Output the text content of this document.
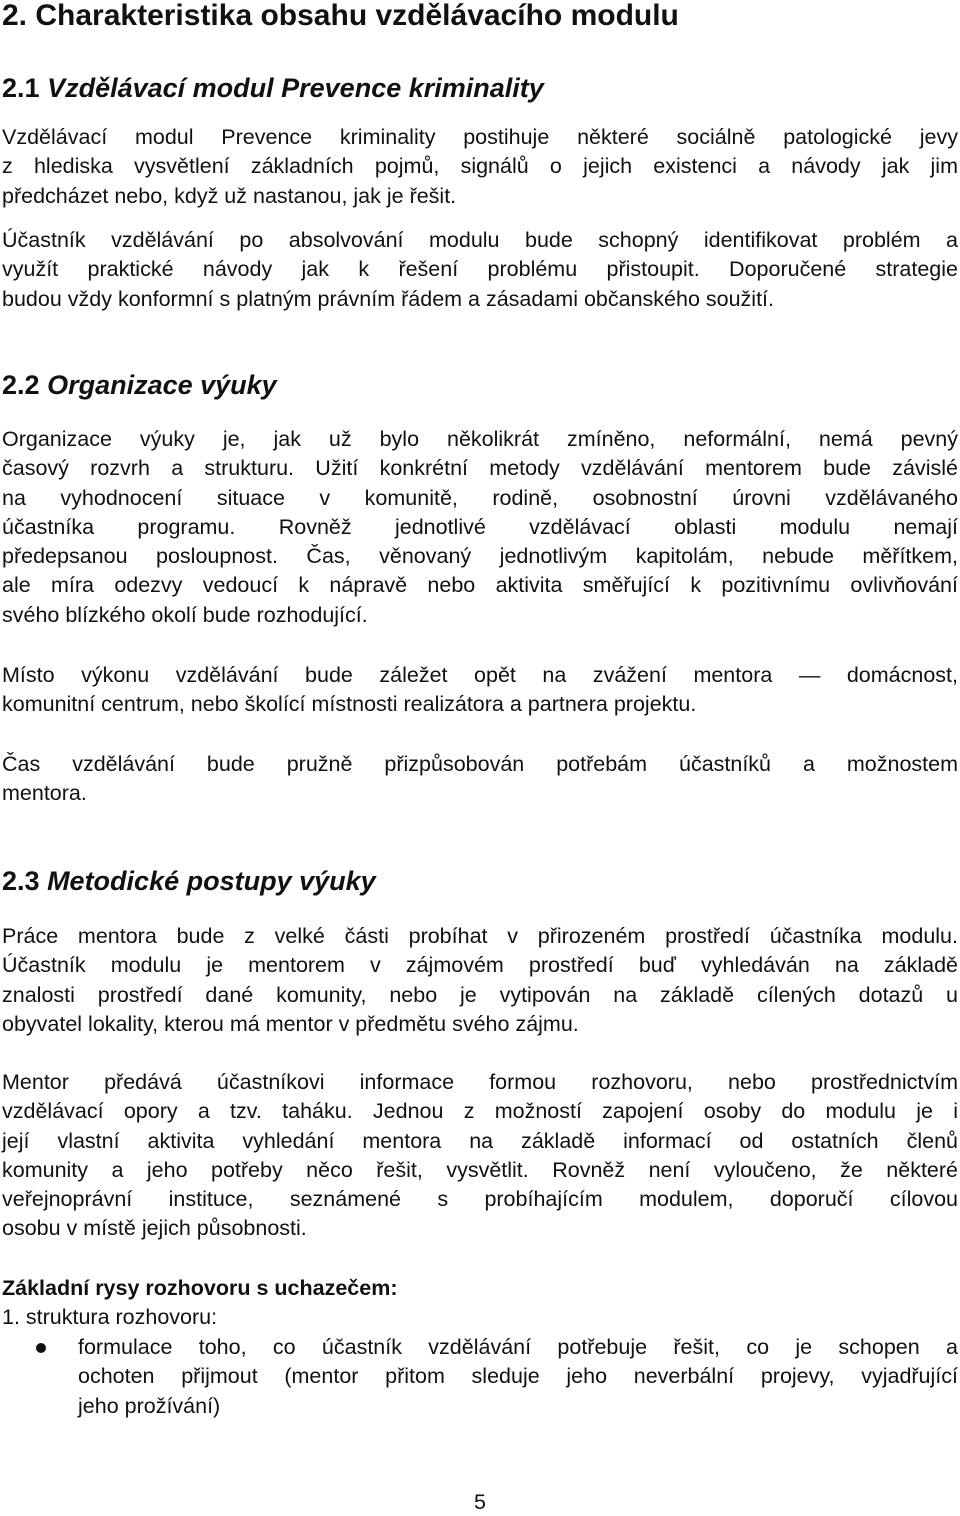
2. Charakteristika obsahu vzdělávacího modulu
2.1 Vzdělávací modul Prevence kriminality
Vzdělávací modul Prevence kriminality postihuje některé sociálně patologické jevy
z hlediska vysvětlení základních pojmů, signálů o jejich existenci a návody jak jim
předcházet nebo, když už nastanou, jak je řešit.
Účastník vzdělávání po absolvování modulu bude schopný identifikovat problém a
využít praktické návody jak k řešení problému přistoupit. Doporučené strategie
budou vždy konformní s platným právním řádem a zásadami občanského soužití.
2.2 Organizace výuky
Organizace výuky je, jak už bylo několikrát zmíněno, neformální, nemá pevný
časový rozvrh a strukturu. Užití konkrétní metody vzdělávání mentorem bude závislé
na vyhodnocení situace v komunitě, rodině, osobnostní úrovni vzdělávaného
účastníka programu. Rovněž jednotlivé vzdělávací oblasti modulu nemají
předepsanou posloupnost. Čas, věnovaný jednotlivým kapitolám, nebude měřítkem,
ale míra odezvy vedoucí k nápravě nebo aktivita směřující k pozitivnímu ovlivňování
svého blízkého okolí bude rozhodující.
Místo výkonu vzdělávání bude záležet opět na zvážení mentora — domácnost,
komunitní centrum, nebo školící místnosti realizátora a partnera projektu.
Čas vzdělávání bude pružně přizpůsobován potřebám účastníků a možnostem
mentora.
2.3 Metodické postupy výuky
Práce mentora bude z velké části probíhat v přirozeném prostředí účastníka modulu.
Účastník modulu je mentorem v zájmovém prostředí buď vyhledáván na základě
znalosti prostředí dané komunity, nebo je vytipován na základě cílených dotazů u
obyvatel lokality, kterou má mentor v předmětu svého zájmu.
Mentor předává účastníkovi informace formou rozhovoru, nebo prostřednictvím
vzdělávací opory a tzv. taháku. Jednou z možností zapojení osoby do modulu je i
její vlastní aktivita vyhledání mentora na základě informací od ostatních členů
komunity a jeho potřeby něco řešit, vysvětlit. Rovněž není vyloučeno, že některé
veřejnoprávní instituce, seznámené s probíhajícím modulem, doporučí cílovou
osobu v místě jejich působnosti.
Základní rysy rozhovoru s uchazečem:
1. struktura rozhovoru:
formulace toho, co účastník vzdělávání potřebuje řešit, co je schopen a
ochoten přijmout (mentor přitom sleduje jeho neverbální projevy, vyjadřující
jeho prožívání)
5
